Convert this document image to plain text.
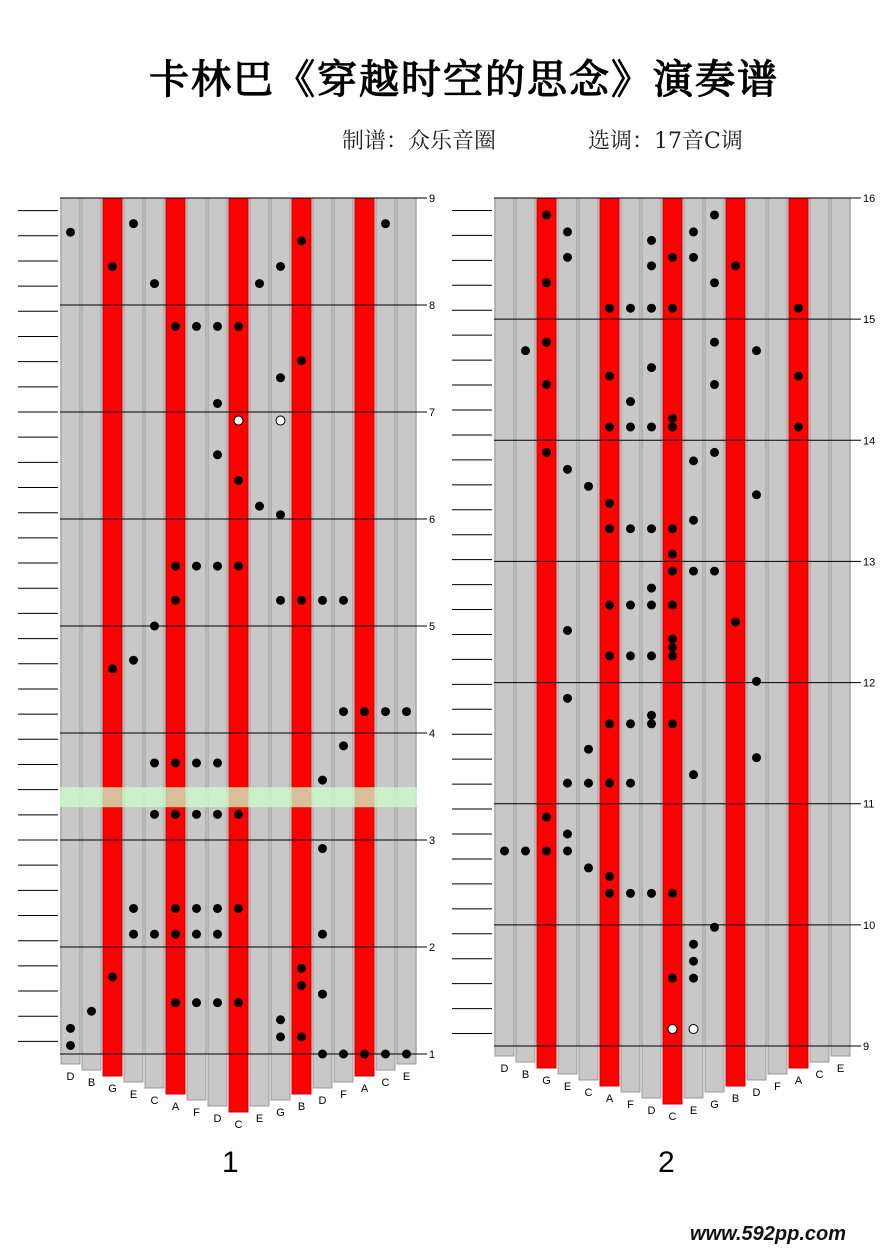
卡林巴《穿越时空的思念》演奏谱
制谱：众乐音圈	选调：17音C调
D B G E C A F D C E G B D F A C E
9
8
7
6
5
4
3
2
1
1
D B G E C A F D C E G B D F A C E
16
15
14
13
12
11
10
9
2
www.592pp.com
